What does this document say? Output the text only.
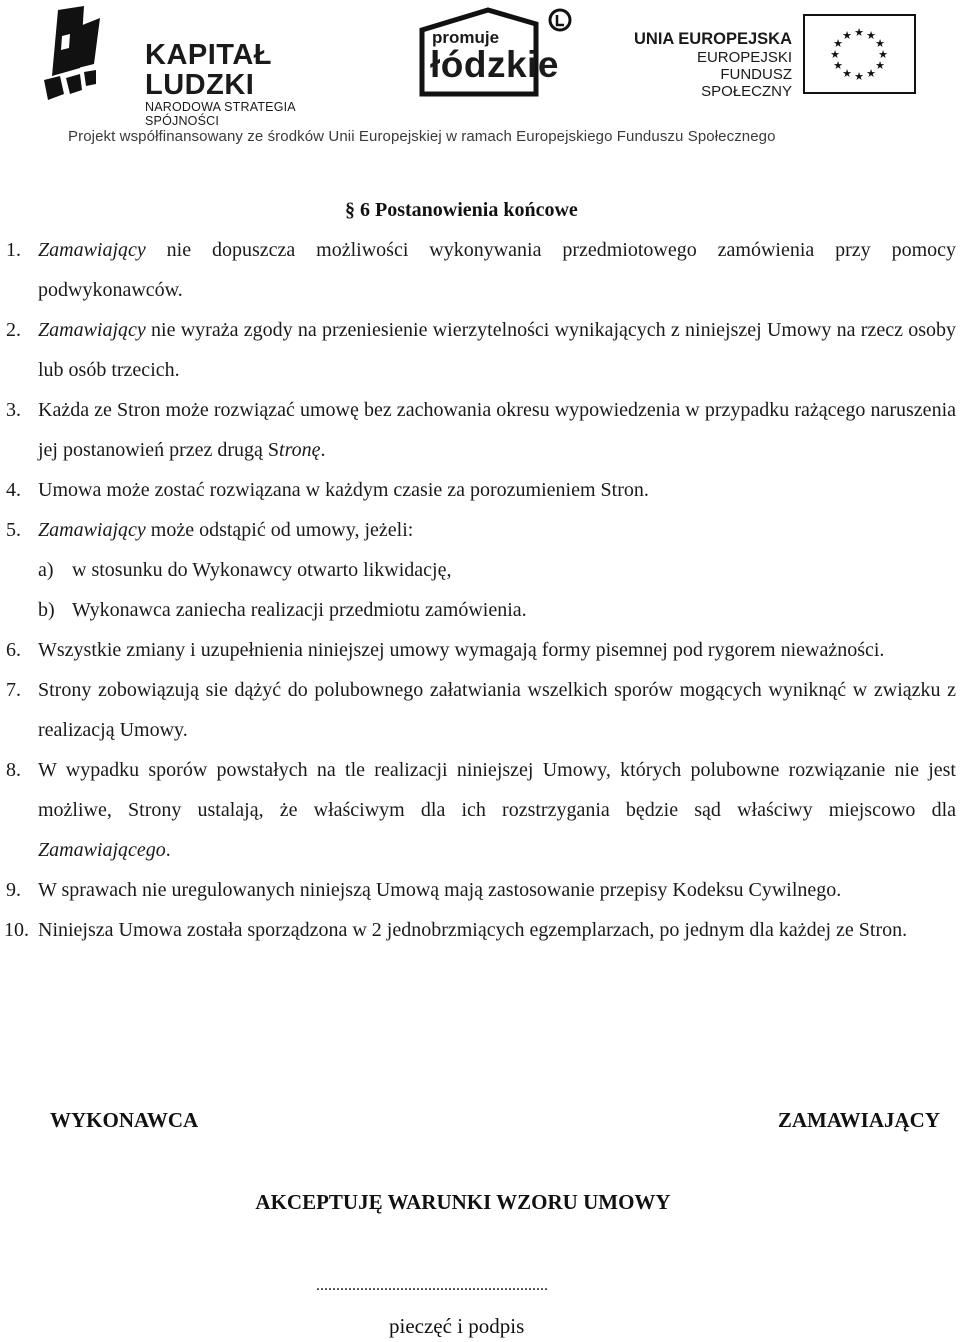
KAPITAŁ LUDZKI
NARODOWA STRATEGIA SPÓJNOŚCI
promuje
łódzkie
UNIA EUROPEJSKA
EUROPEJSKI
FUNDUSZ SPOŁECZNY
★ ★
★
★
★
★
★
★
★
★
★
★
Projekt współfinansowany ze środków Unii Europejskiej w ramach Europejskiego Funduszu Społecznego
§ 6 Postanowienia końcowe
1. Zamawiający nie dopuszcza możliwości wykonywania przedmiotowego zamówienia przy pomocy podwykonawców.
2. Zamawiający nie wyraża zgody na przeniesienie wierzytelności wynikających z niniejszej Umowy na rzecz osoby lub osób trzecich.
3. Każda ze Stron może rozwiązać umowę bez zachowania okresu wypowiedzenia w przypadku rażącego naruszenia jej postanowień przez drugą Stronę.
4. Umowa może zostać rozwiązana w każdym czasie za porozumieniem Stron.
5. Zamawiający może odstąpić od umowy, jeżeli:
a) w stosunku do Wykonawcy otwarto likwidację,
b) Wykonawca zaniecha realizacji przedmiotu zamówienia.
6. Wszystkie zmiany i uzupełnienia niniejszej umowy wymagają formy pisemnej pod rygorem nieważności.
7. Strony zobowiązują sie dążyć do polubownego załatwiania wszelkich sporów mogących wyniknąć w związku z realizacją Umowy.
8. W wypadku sporów powstałych na tle realizacji niniejszej Umowy, których polubowne rozwiązanie nie jest możliwe, Strony ustalają, że właściwym dla ich rozstrzygania będzie sąd właściwy miejscowo dla Zamawiającego.
9. W sprawach nie uregulowanych niniejszą Umową mają zastosowanie przepisy Kodeksu Cywilnego.
10. Niniejsza Umowa została sporządzona w 2 jednobrzmiących egzemplarzach, po jednym dla każdej ze Stron.
WYKONAWCA	ZAMAWIAJĄCY
AKCEPTUJĘ WARUNKI WZORU UMOWY
..........................................................
pieczęć i podpis
